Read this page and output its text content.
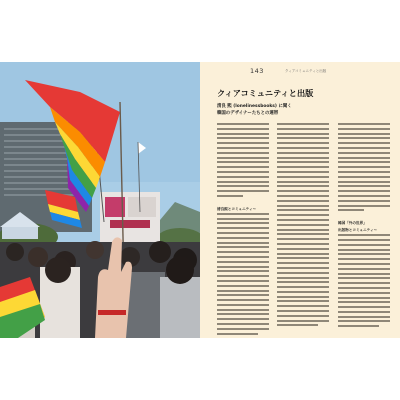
143	クィアコミュニティと出版
クィアコミュニティと出版
清良 熙 (lonelinessbooks) に聞く
韓国のデザイナーたちとの連帯
清良熙とコミュニティー
韓国「外の世界」
出版物とコミュニティー
